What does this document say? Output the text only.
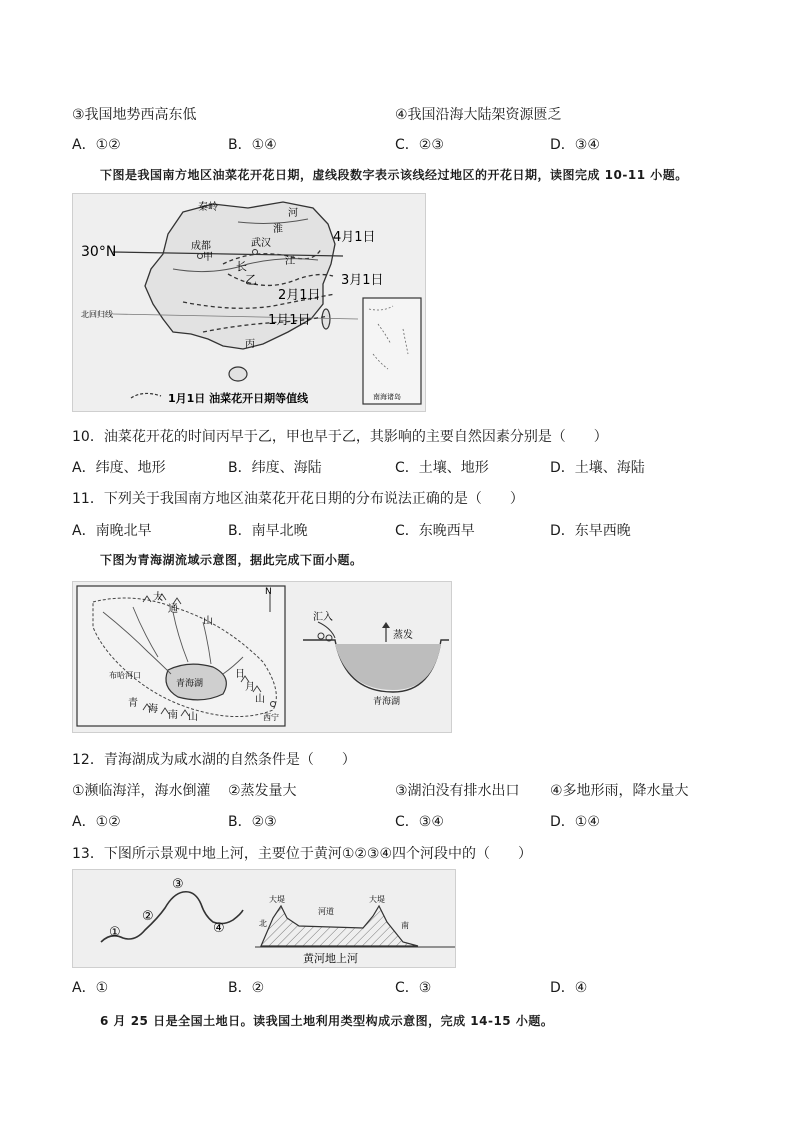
③我国地势西高东低	④我国沿海大陆架资源匮乏
A．①②	B．①④	C．②③	D．③④
下图是我国南方地区油菜花开花日期，虚线段数字表示该线经过地区的开花日期，读图完成 10-11 小题。
秦岭
河
淮
30°N	成都
甲
武汉
江
长
乙
丙
北回归线
4月1日
3月1日
2月1日
1月1日
1月1日 油菜花开日期等值线	南海诸岛
10．油菜花开花的时间丙早于乙，甲也早于乙，其影响的主要自然因素分别是（　　）
A．纬度、地形	B．纬度、海陆	C．土壤、地形	D．土壤、海陆
11．下列关于我国南方地区油菜花开花日期的分布说法正确的是（　　）
A．南晚北早	B．南早北晚	C．东晚西早	D．东早西晚
下图为青海湖流域示意图，据此完成下面小题。
N
大
通
山
布哈河口
青海湖
西宁
青
海
南 山
日
月
山
汇入
蒸发
青海湖
12．青海湖成为咸水湖的自然条件是（　　）
①濒临海洋，海水倒灌 ②蒸发量大	③湖泊没有排水出口 ④多地形雨，降水量大
A．①②	B．②③	C．③④	D．①④
13．下图所示景观中地上河，主要位于黄河①②③④四个河段中的（　　）
①
②
③
④
大堤	大堤
河道
北	南
黄河地上河
A．①	B．②	C．③	D．④
6 月 25 日是全国土地日。读我国土地利用类型构成示意图，完成 14-15 小题。
